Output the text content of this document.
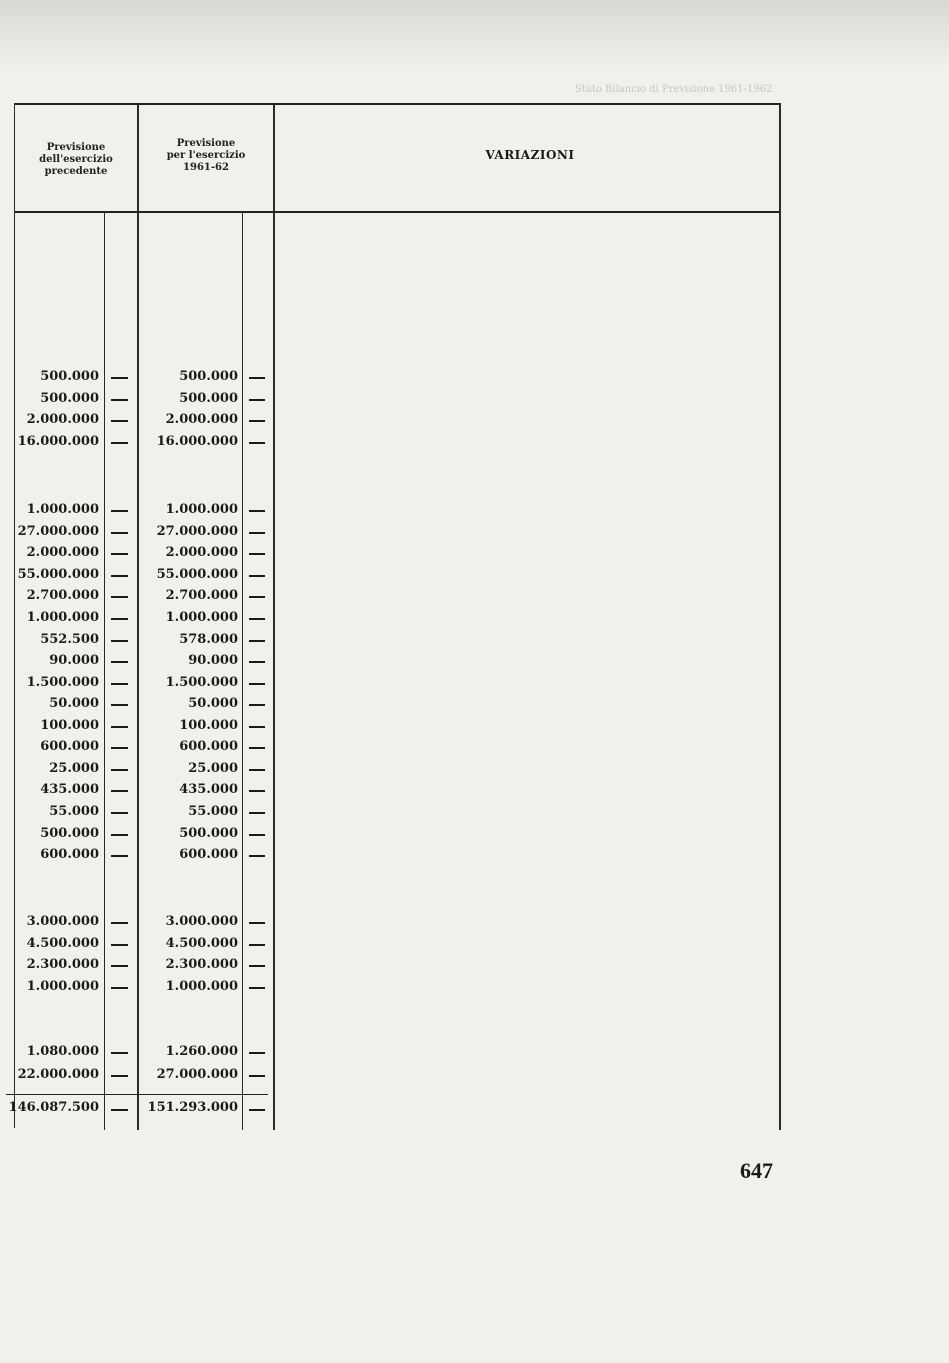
Stato Bilancio di Previsione 1961-1962
Previsione
dell'esercizio
precedente
Previsione
per l'esercizio
1961-62
VARIAZIONI
500.000	500.000
500.000	500.000
2.000.000	2.000.000
16.000.000	16.000.000
1.000.000	1.000.000
27.000.000	27.000.000
2.000.000	2.000.000
55.000.000	55.000.000
2.700.000	2.700.000
1.000.000	1.000.000
552.500	578.000
90.000	90.000
1.500.000	1.500.000
50.000	50.000
100.000	100.000
600.000	600.000
25.000	25.000
435.000	435.000
55.000	55.000
500.000	500.000
600.000	600.000
3.000.000	3.000.000
4.500.000	4.500.000
2.300.000	2.300.000
1.000.000	1.000.000
1.080.000	1.260.000
22.000.000	27.000.000
146.087.500	151.293.000
647
